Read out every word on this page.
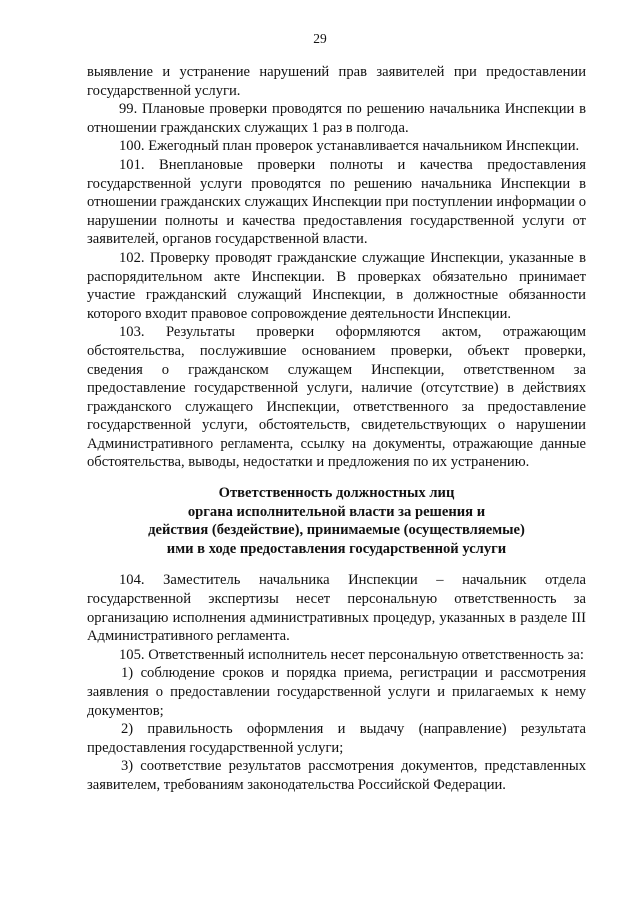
29

выявление и устранение нарушений прав заявителей при предоставлении государственной услуги.

99. Плановые проверки проводятся по решению начальника Инспекции в отношении гражданских служащих 1 раз в полгода.

100. Ежегодный план проверок устанавливается начальником Инспекции.

101. Внеплановые проверки полноты и качества предоставления государственной услуги проводятся по решению начальника Инспекции в отношении гражданских служащих Инспекции при поступлении информации о нарушении полноты и качества предоставления государственной услуги от заявителей, органов государственной власти.

102. Проверку проводят гражданские служащие Инспекции, указанные в распорядительном акте Инспекции. В проверках обязательно принимает участие гражданский служащий Инспекции, в должностные обязанности которого входит правовое сопровождение деятельности Инспекции.

103. Результаты проверки оформляются актом, отражающим обстоятельства, послужившие основанием проверки, объект проверки, сведения о гражданском служащем Инспекции, ответственном за предоставление государственной услуги, наличие (отсутствие) в действиях гражданского служащего Инспекции, ответственного за предоставление государственной услуги, обстоятельств, свидетельствующих о нарушении Административного регламента, ссылку на документы, отражающие данные обстоятельства, выводы, недостатки и предложения по их устранению.

Ответственность должностных лиц
органа исполнительной власти за решения и
действия (бездействие), принимаемые (осуществляемые)
ими в ходе предоставления государственной услуги

104. Заместитель начальника Инспекции – начальник отдела государственной экспертизы несет персональную ответственность за организацию исполнения административных процедур, указанных в разделе III Административного регламента.

105. Ответственный исполнитель несет персональную ответственность за:

1) соблюдение сроков и порядка приема, регистрации и рассмотрения заявления о предоставлении государственной услуги и прилагаемых к нему документов;

2) правильность оформления и выдачу (направление) результата предоставления государственной услуги;

3) соответствие результатов рассмотрения документов, представленных заявителем, требованиям законодательства Российской Федерации.
